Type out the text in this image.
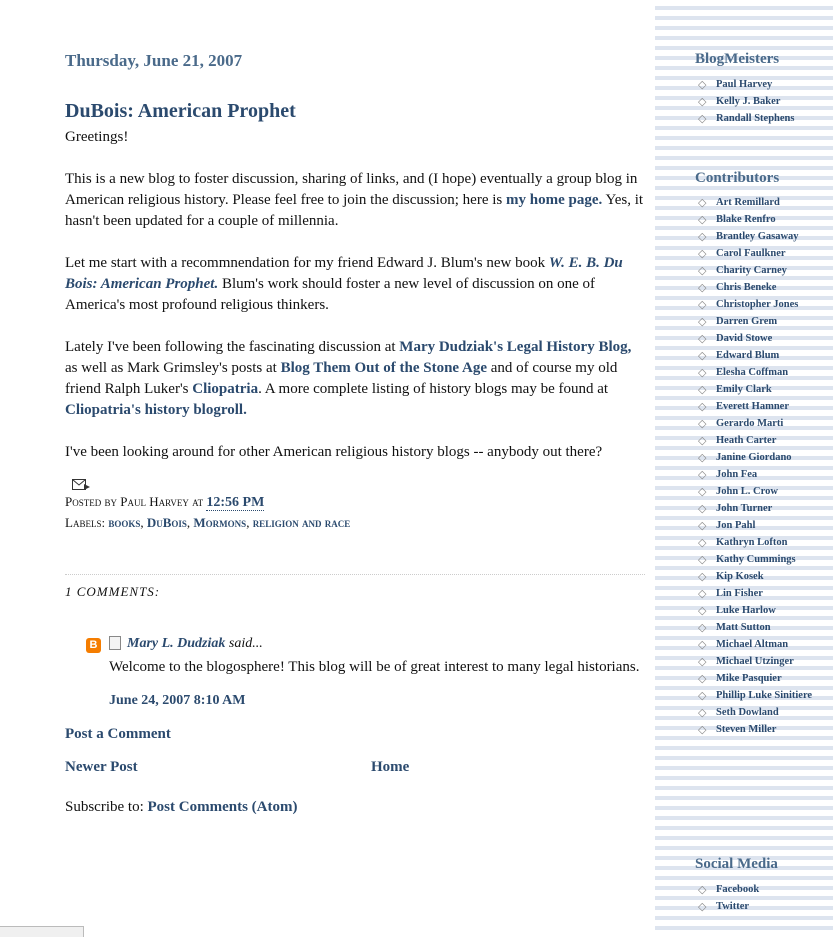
Thursday, June 21, 2007
DuBois: American Prophet

Greetings!

This is a new blog to foster discussion, sharing of links, and (I hope) eventually a group blog in American religious history. Please feel free to join the discussion; here is my home page. Yes, it hasn't been updated for a couple of millennia.

Let me start with a recommnendation for my friend Edward J. Blum's new book W. E. B. Du Bois: American Prophet. Blum's work should foster a new level of discussion on one of America's most profound religious thinkers.

Lately I've been following the fascinating discussion at Mary Dudziak's Legal History Blog, as well as Mark Grimsley's posts at Blog Them Out of the Stone Age and of course my old friend Ralph Luker's Cliopatria. A more complete listing of history blogs may be found at Cliopatria's history blogroll.

I've been looking around for other American religious history blogs -- anybody out there?

Posted by Paul Harvey at 12:56 PM
Labels: books, DuBois, Mormons, religion and race
1 COMMENTS:
B Mary L. Dudziak said...
Welcome to the blogosphere! This blog will be of great interest to many legal historians.
June 24, 2007 8:10 AM
Post a Comment
Newer Post	Home
Subscribe to: Post Comments (Atom)
BlogMeisters
◇ Paul Harvey
◇ Kelly J. Baker
◇ Randall Stephens
Contributors
◇ Art Remillard
◇ Blake Renfro
◇ Brantley Gasaway
◇ Carol Faulkner
◇ Charity Carney
◇ Chris Beneke
◇ Christopher Jones
◇ Darren Grem
◇ David Stowe
◇ Edward Blum
◇ Elesha Coffman
◇ Emily Clark
◇ Everett Hamner
◇ Gerardo Marti
◇ Heath Carter
◇ Janine Giordano
◇ John Fea
◇ John L. Crow
◇ John Turner
◇ Jon Pahl
◇ Kathryn Lofton
◇ Kathy Cummings
◇ Kip Kosek
◇ Lin Fisher
◇ Luke Harlow
◇ Matt Sutton
◇ Michael Altman
◇ Michael Utzinger
◇ Mike Pasquier
◇ Phillip Luke Sinitiere
◇ Seth Dowland
◇ Steven Miller
Social Media
◇ Facebook
◇ Twitter
